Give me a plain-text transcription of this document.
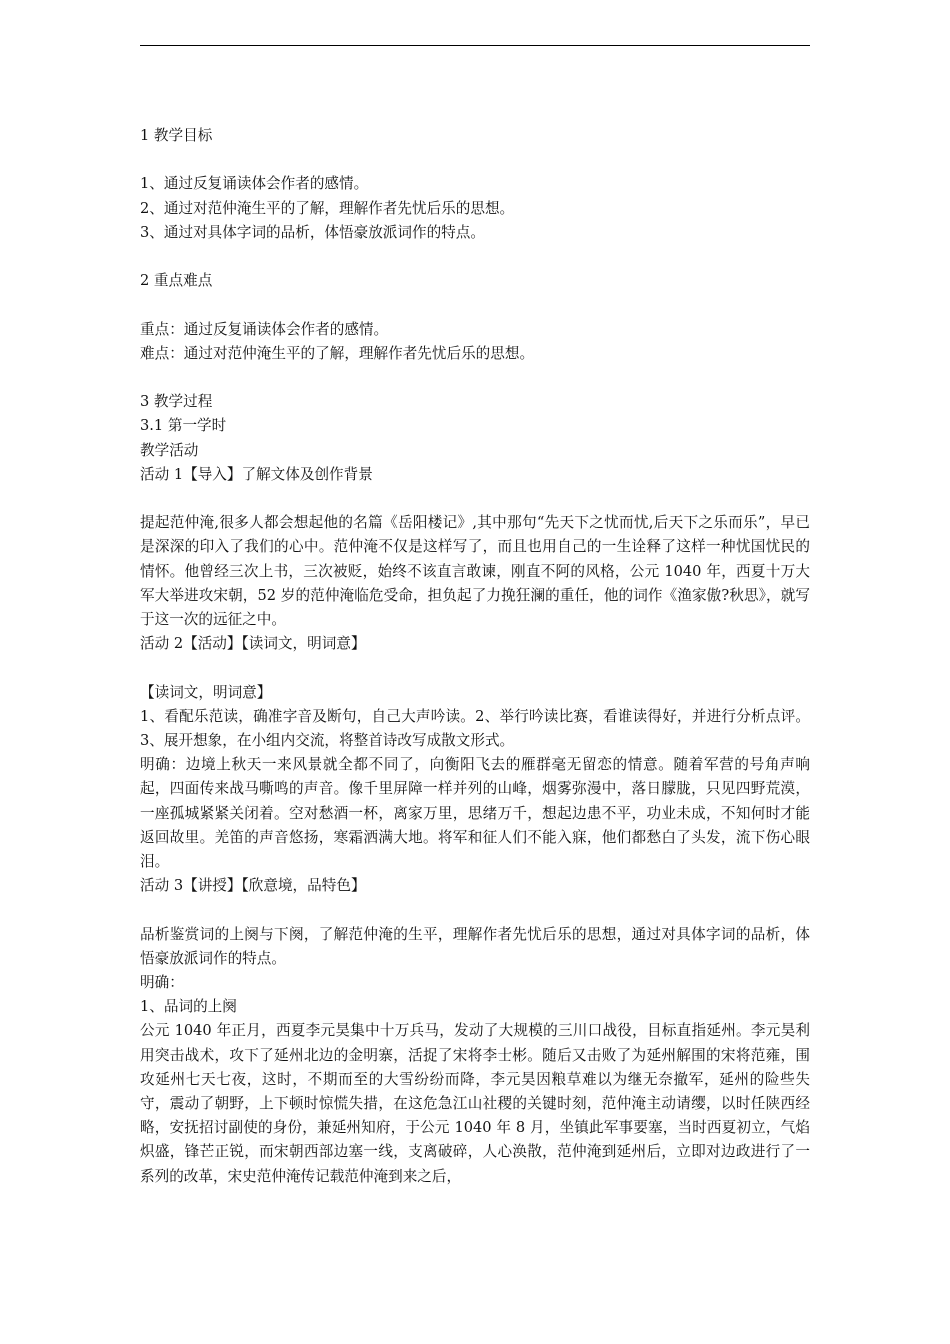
1 教学目标

1、通过反复诵读体会作者的感情。

2、通过对范仲淹生平的了解，理解作者先忧后乐的思想。

3、通过对具体字词的品析，体悟豪放派词作的特点。

2 重点难点

重点：通过反复诵读体会作者的感情。

难点：通过对范仲淹生平的了解，理解作者先忧后乐的思想。

3 教学过程

3.1 第一学时

教学活动

活动 1【导入】了解文体及创作背景

提起范仲淹,很多人都会想起他的名篇《岳阳楼记》,其中那句“先天下之忧而忧,后天下之乐而乐”，早已是深深的印入了我们的心中。范仲淹不仅是这样写了，而且也用自己的一生诠释了这样一种忧国忧民的情怀。他曾经三次上书，三次被贬，始终不该直言敢谏，刚直不阿的风格，公元 1040 年，西夏十万大军大举进攻宋朝，52 岁的范仲淹临危受命，担负起了力挽狂澜的重任，他的词作《渔家傲?秋思》，就写于这一次的远征之中。

活动 2【活动】【读词文，明词意】

【读词文，明词意】

1、看配乐范读，确准字音及断句，自己大声吟读。2、举行吟读比赛，看谁读得好，并进行分析点评。3、展开想象，在小组内交流，将整首诗改写成散文形式。

明确：边境上秋天一来风景就全都不同了，向衡阳飞去的雁群毫无留恋的情意。随着军营的号角声响起，四面传来战马嘶鸣的声音。像千里屏障一样并列的山峰，烟雾弥漫中，落日朦胧，只见四野荒漠，一座孤城紧紧关闭着。空对愁酒一杯，离家万里，思绪万千，想起边患不平，功业未成，不知何时才能返回故里。羌笛的声音悠扬，寒霜洒满大地。将军和征人们不能入寐，他们都愁白了头发，流下伤心眼泪。

活动 3【讲授】【欣意境，品特色】

品析鉴赏词的上阕与下阕，了解范仲淹的生平，理解作者先忧后乐的思想，通过对具体字词的品析，体悟豪放派词作的特点。

明确：

1、品词的上阕

公元 1040 年正月，西夏李元昊集中十万兵马，发动了大规模的三川口战役，目标直指延州。李元昊利用突击战术，攻下了延州北边的金明寨，活捉了宋将李士彬。随后又击败了为延州解围的宋将范雍，围攻延州七天七夜，这时，不期而至的大雪纷纷而降，李元昊因粮草难以为继无奈撤军，延州的险些失守，震动了朝野，上下顿时惊慌失措，在这危急江山社稷的关键时刻，范仲淹主动请缨，以时任陕西经略，安抚招讨副使的身份，兼延州知府，于公元 1040 年 8 月，坐镇此军事要塞，当时西夏初立，气焰炽盛，锋芒正锐，而宋朝西部边塞一线，支离破碎，人心涣散，范仲淹到延州后，立即对边政进行了一系列的改革，宋史范仲淹传记载范仲淹到来之后，
